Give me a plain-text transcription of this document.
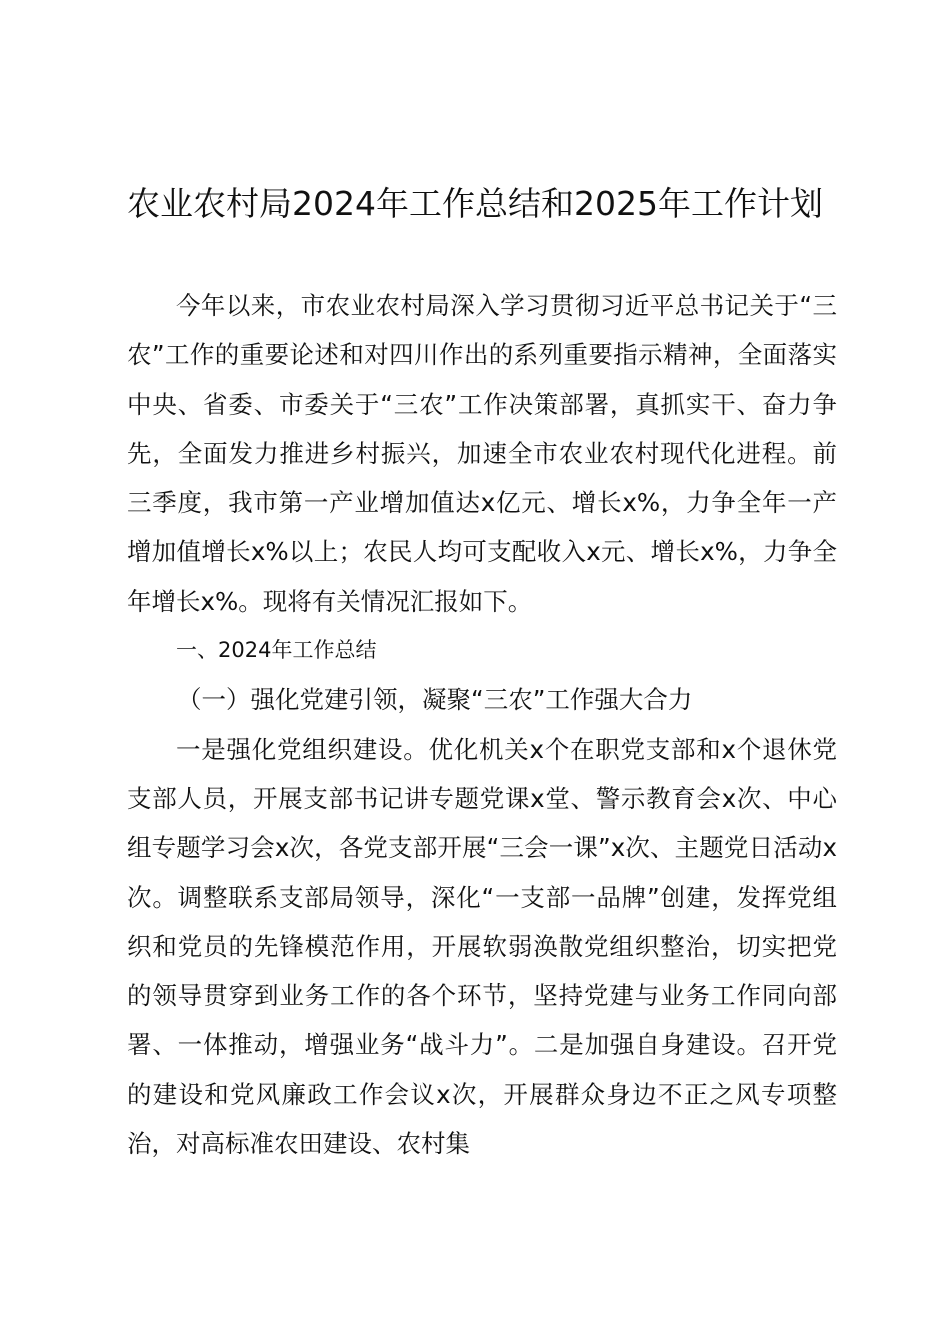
农业农村局2024年工作总结和2025年工作计划

今年以来，市农业农村局深入学习贯彻习近平总书记关于“三农”工作的重要论述和对四川作出的系列重要指示精神，全面落实中央、省委、市委关于“三农”工作决策部署，真抓实干、奋力争先，全面发力推进乡村振兴，加速全市农业农村现代化进程。前三季度，我市第一产业增加值达x亿元、增长x%，力争全年一产增加值增长x%以上；农民人均可支配收入x元、增长x%，力争全年增长x%。现将有关情况汇报如下。

一、2024年工作总结

（一）强化党建引领，凝聚“三农”工作强大合力

一是强化党组织建设。优化机关x个在职党支部和x个退休党支部人员，开展支部书记讲专题党课x堂、警示教育会x次、中心组专题学习会x次，各党支部开展“三会一课”x次、主题党日活动x次。调整联系支部局领导，深化“一支部一品牌”创建，发挥党组织和党员的先锋模范作用，开展软弱涣散党组织整治，切实把党的领导贯穿到业务工作的各个环节，坚持党建与业务工作同向部署、一体推动，增强业务“战斗力”。二是加强自身建设。召开党的建设和党风廉政工作会议x次，开展群众身边不正之风专项整治，对高标准农田建设、农村集
